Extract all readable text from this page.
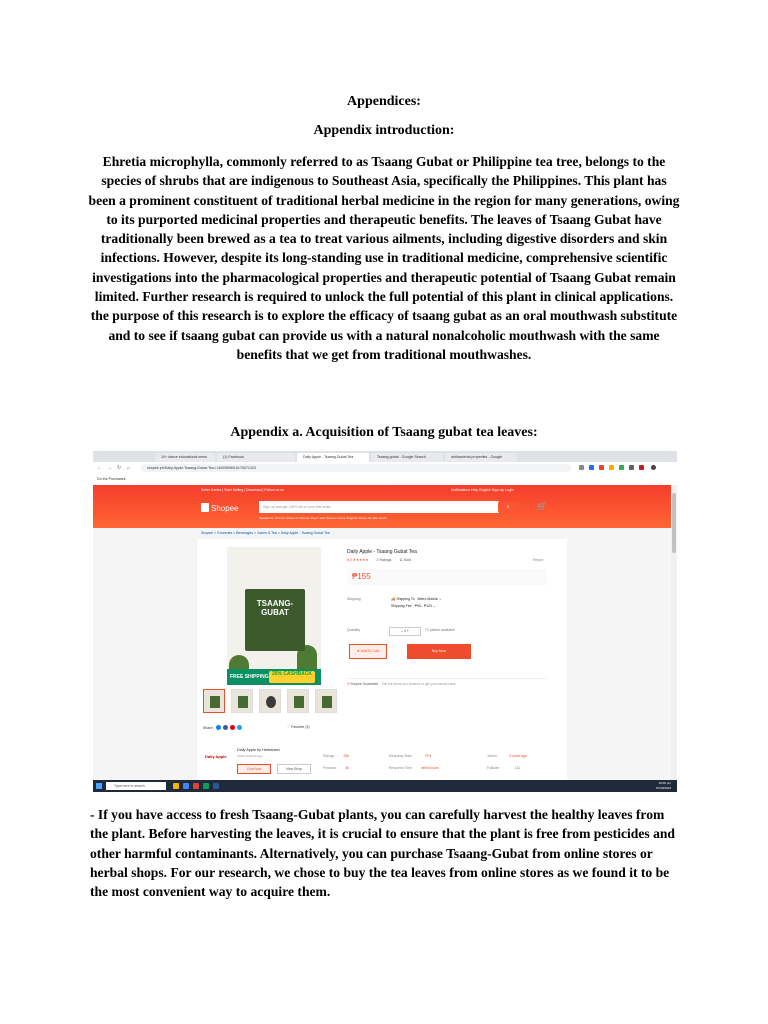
Appendices:
Appendix introduction:
Ehretia microphylla, commonly referred to as Tsaang Gubat or Philippine tea tree, belongs to the species of shrubs that are indigenous to Southeast Asia, specifically the Philippines. This plant has been a prominent constituent of traditional herbal medicine in the region for many generations, owing to its purported medicinal properties and therapeutic benefits. The leaves of Tsaang Gubat have traditionally been brewed as a tea to treat various ailments, including digestive disorders and skin infections. However, despite its long-standing use in traditional medicine, comprehensive scientific investigations into the pharmacological properties and therapeutic potential of Tsaang Gubat remain limited. Further research is required to unlock the full potential of this plant in clinical applications. the purpose of this research is to explore the efficacy of tsaang gubat as an oral mouthwash substitute and to see if tsaang gubat can provide us with a natural nonalcoholic mouthwash with the same benefits that we get from traditional mouthwashes.
Appendix a. Acquisition of Tsaang gubat tea leaves:
10+ dance educational menu	(1) Facebook	Daily Apple - Tsaang Gubat Tea	Tsaang gubat - Google Search	antibacterial properties - Google
← → ↻ ⌂	shopee.ph/Daily-Apple-Tsaang-Gubat-Tea-i.160005969.5176071203
Do the Purchases
Seller Centre | Start Selling | Download | Follow us on	Notifications Help English Sign Up Login
Shopee	Sign up and get 100% off on your first order	⌕	🛒
Sandals for Women Shoes for Women Bag T-shirt Women Crocs Clogdots Shoes for Men Heels
Shopee > Groceries > Beverages > Juices & Tea > Daily Apple - Tsaang Gubat Tea
TSAANG-
GUBAT
FREE SHIPPING 20% CASHBACK
Share:	♡ Favorite (3)
Daily Apple - Tsaang Gubat Tea
5.0 ★★★★★ 2 Ratings 11 Sold	Report
₱155
Shipping	🚚 Shipping To Metro Manila ⌄
Shipping Fee ₱93 - ₱120 ⌄
Quantity	– 1 +	71 pieces available
⊕ Add To Cart	Buy Now
⛨ Shopee Guarantee Get the items you ordered or get your money back.
Daily Apple
Daily Apple by Herbanext
Active 8 Hours Ago
Chat Now	View Shop
Ratings	256	Response Rate	79%	Joined	9 years ago
Products	36	Response Time	within hours	Follower	111
Type here to search
10:00 pm
07/20/2023
- If you have access to fresh Tsaang-Gubat plants, you can carefully harvest the healthy leaves from the plant. Before harvesting the leaves, it is crucial to ensure that the plant is free from pesticides and other harmful contaminants. Alternatively, you can purchase Tsaang-Gubat from online stores or herbal shops. For our research, we chose to buy the tea leaves from online stores as we found it to be the most convenient way to acquire them.
